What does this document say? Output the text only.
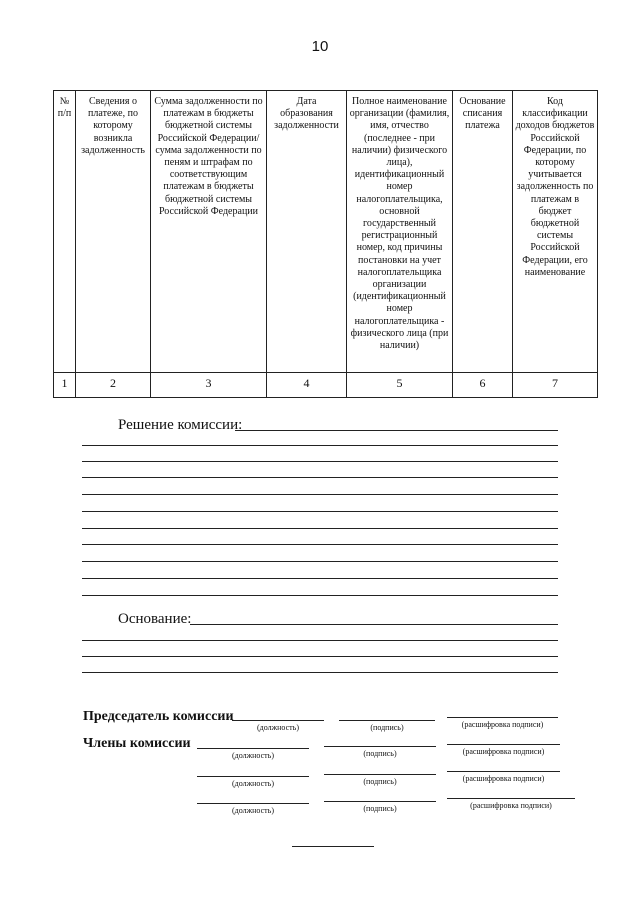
10
№ п/п	Сведения о платеже, по которому возникла задолженность	Сумма задолженности по платежам в бюджеты бюджетной системы Российской Федерации/ сумма задолженности по пеням и штрафам по соответствующим платежам в бюджеты бюджетной системы Российской Федерации	Дата образования задолженности	Полное наименование организации (фамилия, имя, отчество (последнее - при наличии) физического лица), идентификационный номер налогоплательщика, основной государственный регистрационный номер, код причины постановки на учет налогоплательщика организации (идентификационный номер налогоплательщика - физического лица (при наличии)	Основание списания платежа	Код классификации доходов бюджетов Российской Федерации, по которому учитывается задолженность по платежам в бюджет бюджетной системы Российской Федерации, его наименование
1	2	3	4	5	6	7
Решение комиссии:
Основание:
Председатель комиссии
(должность)	(подпись)	(расшифровка подписи)
Члены комиссии
(должность)	(подпись)	(расшифровка подписи)
(должность)	(подпись)	(расшифровка подписи)
(должность)	(подпись)	(расшифровка подписи)
